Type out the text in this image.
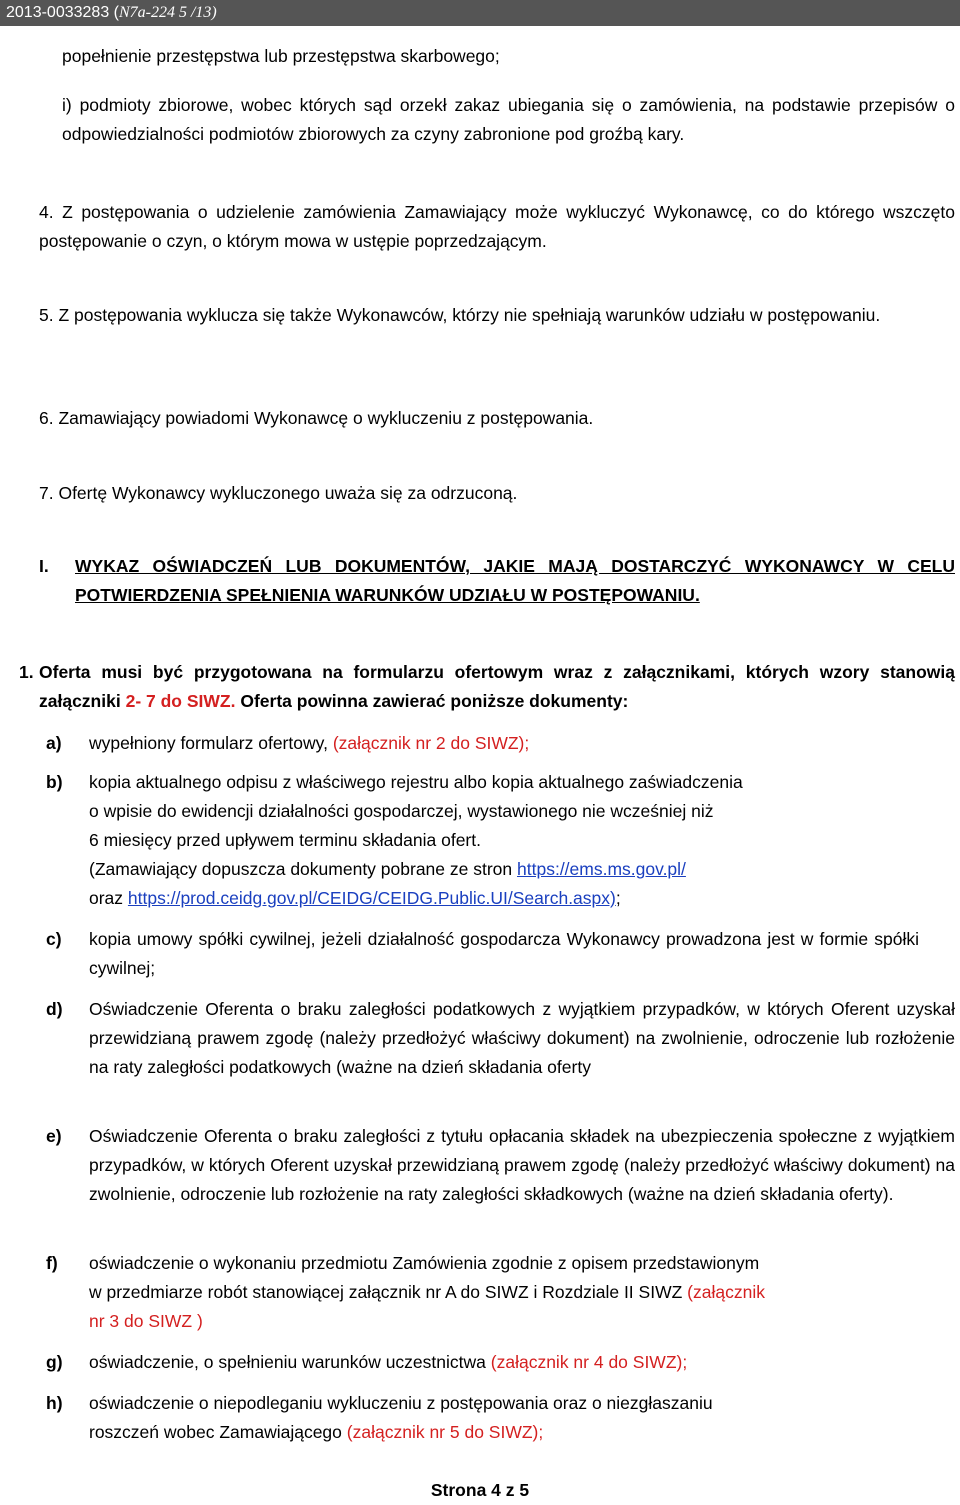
2013-0033283 (N7a-224 5 /13)
popełnienie przestępstwa lub przestępstwa skarbowego;
i) podmioty zbiorowe, wobec których sąd orzekł zakaz ubiegania się o zamówienia, na podstawie przepisów o odpowiedzialności podmiotów zbiorowych za czyny zabronione pod groźbą kary.
4. Z postępowania o udzielenie zamówienia Zamawiający może wykluczyć Wykonawcę, co do którego wszczęto postępowanie o czyn, o którym mowa w ustępie poprzedzającym.
5. Z postępowania wyklucza się także Wykonawców, którzy nie spełniają warunków udziału w postępowaniu.
6. Zamawiający powiadomi Wykonawcę o wykluczeniu z postępowania.
7. Ofertę Wykonawcy wykluczonego uważa się za odrzuconą.
I. WYKAZ OŚWIADCZEŃ LUB DOKUMENTÓW, JAKIE MAJĄ DOSTARCZYĆ WYKONAWCY W CELU POTWIERDZENIA SPEŁNIENIA WARUNKÓW UDZIAŁU W POSTĘPOWANIU.
1. Oferta musi być przygotowana na formularzu ofertowym wraz z załącznikami, których wzory stanowią załączniki 2- 7 do SIWZ. Oferta powinna zawierać poniższe dokumenty:
a) wypełniony formularz ofertowy, (załącznik nr 2 do SIWZ);
b) kopia aktualnego odpisu z właściwego rejestru albo kopia aktualnego zaświadczenia
o wpisie do ewidencji działalności gospodarczej, wystawionego nie wcześniej niż
6 miesięcy przed upływem terminu składania ofert.
(Zamawiający dopuszcza dokumenty pobrane ze stron https://ems.ms.gov.pl/
oraz https://prod.ceidg.gov.pl/CEIDG/CEIDG.Public.UI/Search.aspx);
c) kopia umowy spółki cywilnej, jeżeli działalność gospodarcza Wykonawcy prowadzona jest w formie spółki cywilnej;
d) Oświadczenie Oferenta o braku zaległości podatkowych z wyjątkiem przypadków, w których Oferent uzyskał przewidzianą prawem zgodę (należy przedłożyć właściwy dokument) na zwolnienie, odroczenie lub rozłożenie na raty zaległości podatkowych (ważne na dzień składania oferty
e) Oświadczenie Oferenta o braku zaległości z tytułu opłacania składek na ubezpieczenia społeczne z wyjątkiem przypadków, w których Oferent uzyskał przewidzianą prawem zgodę (należy przedłożyć właściwy dokument) na zwolnienie, odroczenie lub rozłożenie na raty zaległości składkowych (ważne na dzień składania oferty).
f) oświadczenie o wykonaniu przedmiotu Zamówienia zgodnie z opisem przedstawionym
w przedmiarze robót stanowiącej załącznik nr A do SIWZ i Rozdziale II SIWZ (załącznik
nr 3 do SIWZ )
g) oświadczenie, o spełnieniu warunków uczestnictwa (załącznik nr 4 do SIWZ);
h) oświadczenie o niepodleganiu wykluczeniu z postępowania oraz o niezgłaszaniu
roszczeń wobec Zamawiającego (załącznik nr 5 do SIWZ);
Strona 4 z 5
